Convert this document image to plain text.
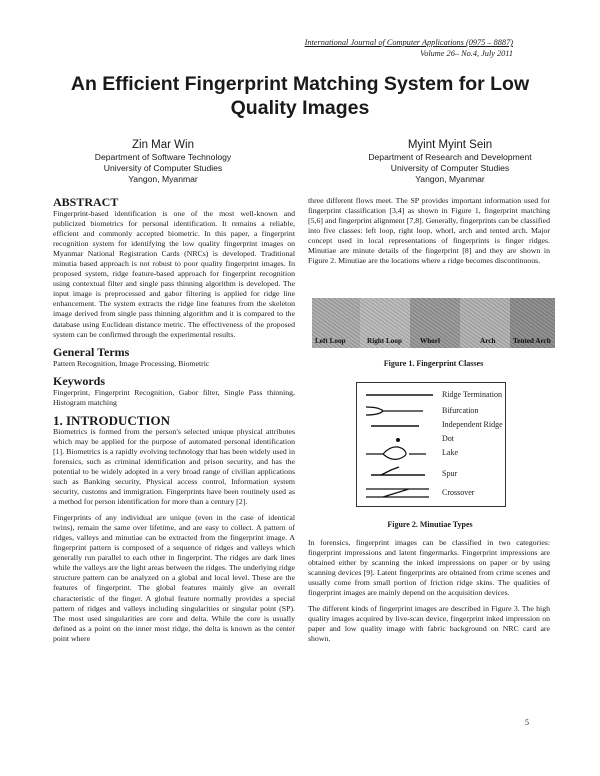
International Journal of Computer Applications (0975 – 8887)
Volume 26– No.4, July 2011
An Efficient Fingerprint Matching System for Low
Quality Images
Zin Mar Win
Department of Software Technology
University of Computer Studies
Yangon, Myanmar
Myint Myint Sein
Department of Research and Development
University of Computer Studies
Yangon, Myanmar
ABSTRACT

Fingerprint-based identification is one of the most well-known and publicized biometrics for personal identification. It remains a reliable, efficient and commonly accepted biometric. In this paper, a fingerprint recognition system for identifying the low quality fingerprint images on Myanmar National Registration Cards (NRCs) is developed. Traditional minutia based approach is not robust to poor quality fingerprint images. In proposed system, ridge feature-based approach for fingerprint recognition using contextual filter and single pass thinning algorithm is developed. The input image is preprocessed and gabor filtering is applied for ridge line enhancement. The system extracts the ridge line features from the skeleton image derived from single pass thinning algorithm and it is compared to the database using Euclidean distance metric. The effectiveness of the proposed system can be confirmed through the experimental results.

General Terms

Pattern Recognition, Image Processing, Biometric

Keywords

Fingerprint, Fingerprint Recognition, Gabor filter, Single Pass thinning, Histogram matching

1. INTRODUCTION

Biometrics is formed from the person's selected unique physical attributes which may be applied for the purpose of automated personal identification [1]. Biometrics is a rapidly evolving technology that has been widely used in forensics, such as criminal identification and prison security, and has the potential to be widely adopted in a very broad range of civilian applications such as Banking security, Physical access control, Information system security, customs and immigration. Fingerprints have been routinely used as a method for person identification for more than a century [2].

Fingerprints of any individual are unique (even in the case of identical twins), remain the same over lifetime, and are easy to collect. A pattern of ridges, valleys and minutiae can be extracted from the fingerprint image. A fingerprint pattern is composed of a sequence of ridges and valleys which generally run parallel to each other in fingerprint. The ridges are dark lines while the valleys are the light areas between the ridges. The underlying ridge structure pattern can be analyzed on a global and local level. These are the features of fingerprint. The global features mainly give an overall characteristic of the finger. A global feature normally provides a special pattern of ridges and valleys including singularities or singular point (SP). The most used singularities are core and delta. While the core is usually defined as a point on the inner most ridge, the delta is known as the center point where

three different flows meet. The SP provides important information used for fingerprint classification [3,4] as shown in Figure 1, fingerprint matching [5,6] and fingerprint alignment [7,8]. Generally, fingerprints can be classified into five classes: left loop, right loop, whorl, arch and tented arch. Major concept used in local representations of fingerprints is finger ridges. Minutiae are minute details of the fingerprint [8] and they are shown in Figure 2. Minutiae are the locations where a ridge becomes discontinuous.

Left Loop	Right Loop	Whorl	Arch Tented Arch
Figure 1. Fingerprint Classes
Ridge Termination
Bifurcation
Independent Ridge
Dot
Lake
Spur
Crossover
Figure 2. Minutiae Types

In forensics, fingerprint images can be classified in two categories: fingerprint impressions and latent fingermarks. Fingerprint impressions are obtained either by scanning the inked impressions on paper or by using scanning devices [9]. Latent fingerprints are obtained from crime scenes and usually come from small portion of friction ridge skins. The qualities of fingerprint images are mainly depend on the acquisition devices.

The different kinds of fingerprint images are described in Figure 3. The high quality images acquired by live-scan device, fingerprint inked impression on paper and low quality image with fabric background on NRC card are shown.

5
